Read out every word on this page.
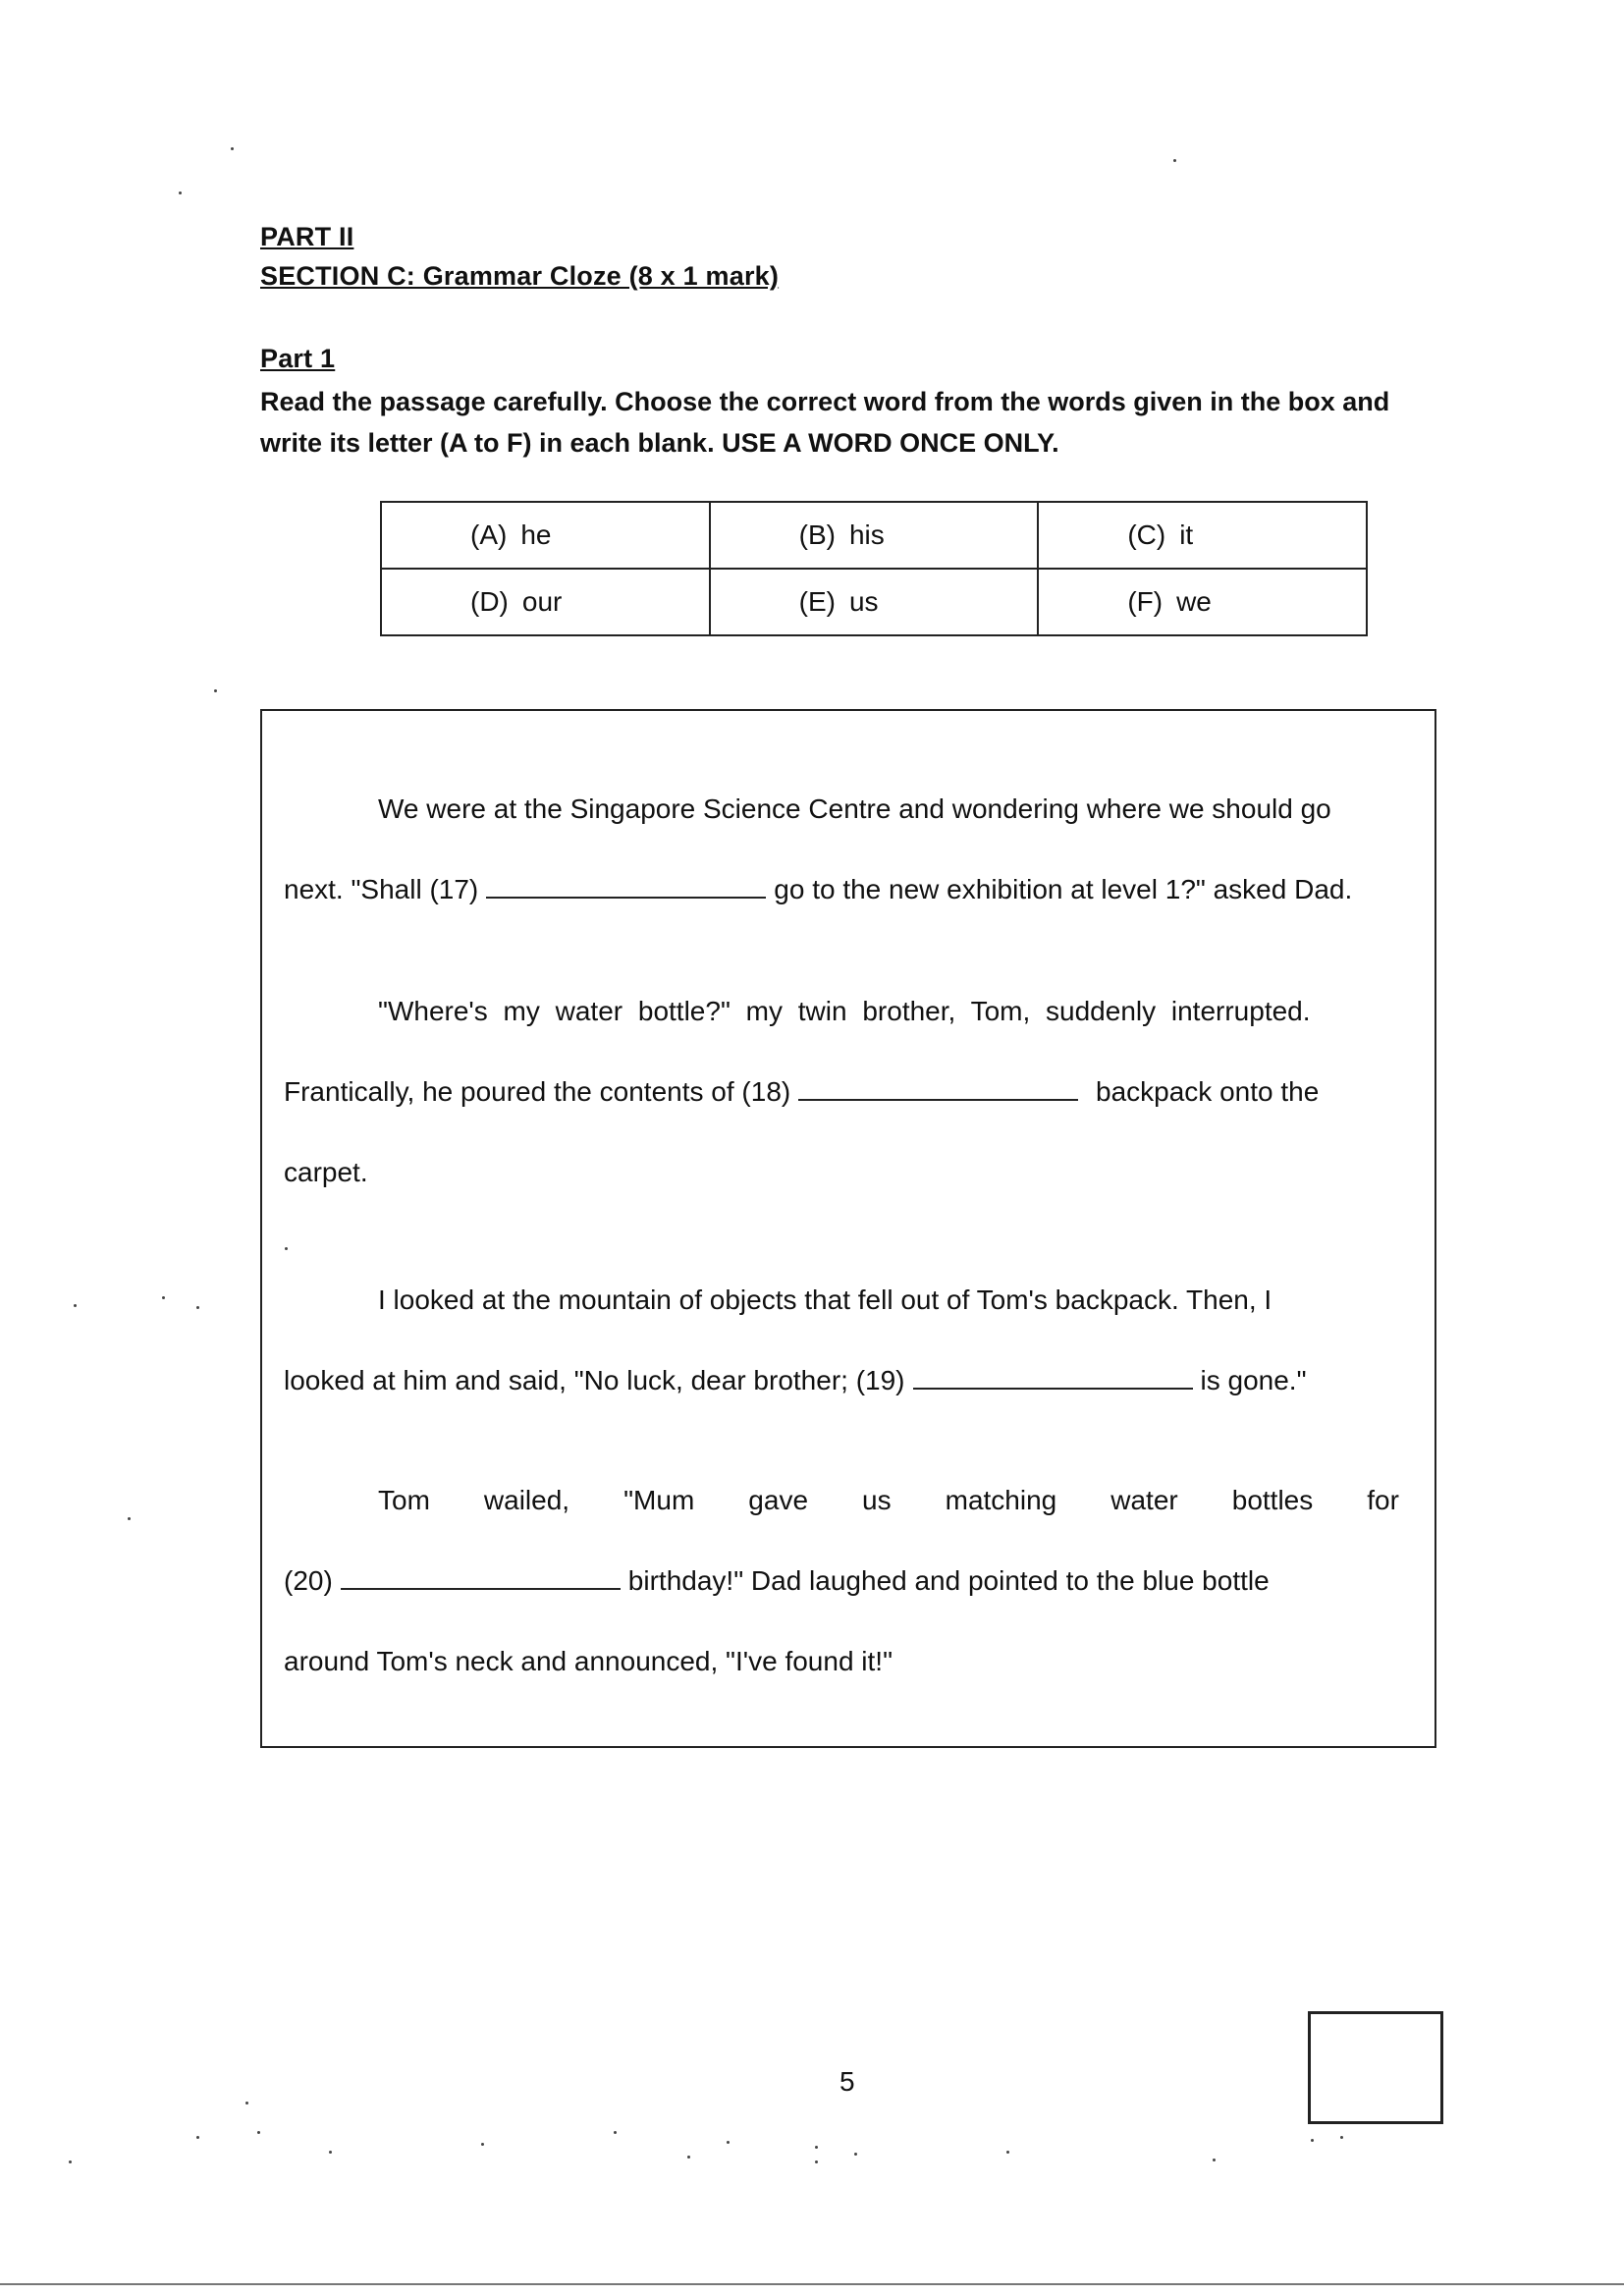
PART II
SECTION C: Grammar Cloze (8 x 1 mark)
Part 1
Read the passage carefully. Choose the correct word from the words given in the box and write its letter (A to F) in each blank. USE A WORD ONCE ONLY.
(A) he	(B) his	(C) it
(D) our	(E) us	(F) we
We were at the Singapore Science Centre and wondering where we should go
next. "Shall (17)	go to the new exhibition at level 1?" asked Dad.
"Where's my water bottle?" my twin brother, Tom, suddenly interrupted.
Frantically, he poured the contents of (18)	backpack onto the
carpet.
I looked at the mountain of objects that fell out of Tom's backpack. Then, I
looked at him and said, "No luck, dear brother; (19)	is gone."
Tom wailed, "Mum gave us matching water bottles for
(20)	birthday!" Dad laughed and pointed to the blue bottle
around Tom's neck and announced, "I've found it!"
5
